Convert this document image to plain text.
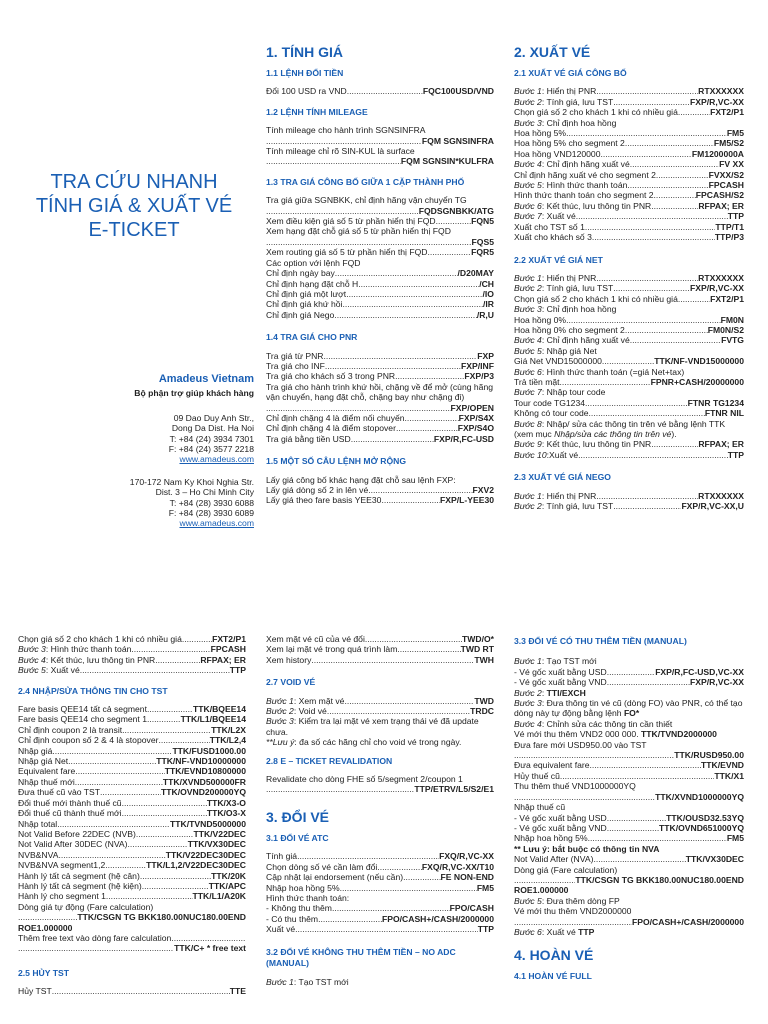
TRA CỨU NHANH
TÍNH GIÁ & XUẤT VÉ
E-TICKET
Amadeus Vietnam
Bộ phận trợ giúp khách hàng
09 Dao Duy Anh Str.,
Dong Da Dist. Ha Noi
T: +84 (24) 3934 7301
F: +84 (24) 3577 2218
www.amadeus.com
170-172 Nam Ky Khoi Nghia Str.
Dist. 3 – Ho Chi Minh City
T: +84 (28) 3930 6088
F: +84 (28) 3930 6089
www.amadeus.com
1. TÍNH GIÁ
1.1 LỆNH ĐỔI TIỀN
Đổi 100 USD ra VND .....	FQC100USD/VND
1.2 LỆNH TÍNH MILEAGE
Tính mileage cho hành trình SGNSINFRA
.....
FQM SGNSINFRA
Tính mileage chỉ rõ SIN-KUL là surface
.....
FQM SGNSIN*KULFRA
1.3 TRA GIÁ CÔNG BỐ GIỮA 1 CẶP THÀNH PHỐ
Tra giá giữa SGNBKK, chỉ định hãng vận chuyển TG
.....
FQDSGNBKK/ATG
Xem điều kiện giá số 5 từ phần hiển thị FQD .....	FQN5
Xem hạng đặt chỗ giá số 5 từ phần hiển thị FQD
.....
FQS5
Xem routing giá số 5 từ phần hiển thị FQD .....	FQR5
Các option với lệnh FQD
Chỉ định ngày bay .....	/D20MAY
Chỉ định hạng đặt chỗ H .....	/CH
Chỉ định giá một lượt .....	/IO
Chỉ định giá khứ hồi .....	/IR
Chỉ định giá Nego .....	/R,U
1.4 TRA GIÁ CHO PNR
Tra giá từ PNR .....	FXP
Tra giá cho INF .....	FXP/INF
Tra giá cho khách số 3 trong PNR .....	FXP/P3
Tra giá cho hành trình khứ hồi, chặng về để mở (cùng hãng vận chuyển, hạng đặt chỗ, chặng bay như chặng đi)
.....
FXP/OPEN
Chỉ định chặng 4 là điểm nối chuyến .....	FXP/S4X
Chỉ định chặng 4 là điểm stopover .....	FXP/S4O
Tra giá bằng tiền USD .....	FXP/R,FC-USD
1.5 MỘT SỐ CÂU LỆNH MỞ RỘNG
Lấy giá công bố khác hạng đặt chỗ sau lệnh FXP:
Lấy giá dòng số 2 in lên vé .....	FXV2
Lấy giá theo fare basis YEE30 .....	FXP/L-YEE30
2. XUẤT VÉ
2.1 XUẤT VÉ GIÁ CÔNG BỐ
Bước 1: Hiển thị PNR .....	RTXXXXXX
Bước 2: Tính giá, lưu TST .....	FXP/R,VC-XX
Chọn giá số 2 cho khách 1 khi có nhiều giá .....	FXT2/P1
Bước 3: Chỉ định hoa hồng
Hoa hồng 5% .....	FM5
Hoa hồng 5% cho segment 2 .....	FM5/S2
Hoa hồng VND120000 .....	FM1200000A
Bước 4: Chỉ định hãng xuất vé .....	FV XX
Chỉ định hãng xuất vé cho segment 2 .....	FVXX/S2
Bước 5: Hình thức thanh toán .....	FPCASH
Hình thức thanh toán cho segment 2 .....	FPCASH/S2
Bước 6: Kết thúc, lưu thông tin PNR .....	RFPAX; ER
Bước 7: Xuất vé .....	TTP
Xuất cho TST số 1 .....	TTP/T1
Xuất cho khách số 3 .....	TTP/P3
2.2 XUẤT VÉ GIÁ NET
Bước 1: Hiển thị PNR .....	RTXXXXXX
Bước 2: Tính giá, lưu TST .....	FXP/R,VC-XX
Chọn giá số 2 cho khách 1 khi có nhiều giá .....	FXT2/P1
Bước 3: Chỉ định hoa hồng
Hoa hồng 0% .....	FM0N
Hoa hồng 0% cho segment 2 .....	FM0N/S2
Bước 4: Chỉ định hãng xuất vé .....	FVTG
Bước 5: Nhập giá Net
Giá Net VND15000000 .....	TTK/NF-VND15000000
Bước 6: Hình thức thanh toán (=giá Net+tax)
Trả tiền mặt .....	FPNR+CASH/20000000
Bước 7: Nhập tour code
Tour code TG1234 .....	FTNR TG1234
Không có tour code .....	FTNR NIL
Bước 8: Nhập/ sửa các thông tin trên vé bằng lệnh TTK (xem mục Nhập/sửa các thông tin trên vé).
Bước 9: Kết thúc, lưu thông tin PNR .....	RFPAX; ER
Bước 10:Xuất vé .....	TTP
2.3 XUẤT VÉ GIÁ NEGO
Bước 1: Hiển thị PNR .....	RTXXXXXX
Bước 2: Tính giá, lưu TST .....	FXP/R,VC-XX,U
Chọn giá số 2 cho khách 1 khi có nhiều giá .....	FXT2/P1
Bước 3: Hình thức thanh toán .....	FPCASH
Bước 4: Kết thúc, lưu thông tin PNR .....	RFPAX; ER
Bước 5: Xuất vé .....	TTP
2.4 NHẬP/SỬA THÔNG TIN CHO TST
Fare basis QEE14 tất cả segment .....	TTK/BQEE14
Fare basis QEE14 cho segment 1 .....	TTK/L1/BQEE14
Chỉ định coupon 2 là transit .....	TTK/L2X
Chỉ định coupon số 2 & 4 là stopover .....	TTK/L2,4
Nhập giá .....	TTK/FUSD1000.00
Nhập giá Net .....	TTK/NF-VND10000000
Equivalent fare .....	TTK/EVND10800000
Nhập thuế mới .....	TTK/XVND500000FR
Đưa thuế cũ vào TST .....	TTK/OVND200000YQ
Đổi thuế mới thành thuế cũ .....	TTK/X3-O
Đổi thuế cũ thành thuế mới .....	TTK/O3-X
Nhập total .....	TTK/TVND5000000
Not Valid Before 22DEC (NVB) .....	TTK/V22DEC
Not Valid After 30DEC (NVA) .....	TTK/VX30DEC
NVB&NVA .....	TTK/V22DEC30DEC
NVB&NVA segment1,2 .....	TTK/L1,2/V22DEC30DEC
Hành lý tất cả segment (hệ cân) .....	TTK/20K
Hành lý tất cả segment (hệ kiện) .....	TTK/APC
Hành lý cho segment 1 .....	TTK/L1/A20K
Dòng giá tự động (Fare calculation)
.....
TTK/CSGN TG BKK180.00NUC180.00END
ROE1.000000
Thêm free text vào dòng fare calculation
.....
.....
TTK/C+ * free text
2.5 HỦY TST
Hủy TST .....	TTE
Xem mặt vé cũ của vé đổi .....	TWD/O*
Xem lại mặt vé trong quá trình làm .....	TWD RT
Xem history .....	TWH
2.7 VOID VÉ
Bước 1: Xem mặt vé .....	TWD
Bước 2: Void vé .....	TRDC
Bước 3: Kiểm tra lại mặt vé xem trạng thái vé đã update chưa.
**Lưu ý: đa số các hãng chỉ cho void vé trong ngày.
2.8 E – TICKET REVALIDATION
Revalidate cho dòng FHE số 5/segment 2/coupon 1
.....
TTP/ETRV/L5/S2/E1
3. ĐỔI VÉ
3.1 ĐỔI VÉ ATC
Tính giá .....	FXQ/R,VC-XX
Chọn dòng số vé cần làm đổi .....	FXQ/R,VC-XX/T10
Cập nhật lại endorsement (nếu cần) .....	FE NON-END
Nhập hoa hồng 5% .....	FM5
Hình thức thanh toán:
- Không thu thêm .....	FPO/CASH
- Có thu thêm .....	FPO/CASH+/CASH/2000000
Xuất vé .....	TTP
3.2 ĐỔI VÉ KHÔNG THU THÊM TIỀN – NO ADC (MANUAL)
Bước 1: Tạo TST mới
3.3 ĐỔI VÉ CÓ THU THÊM TIỀN (MANUAL)
Bước 1: Tạo TST mới
- Vé gốc xuất bằng USD .....	FXP/R,FC-USD,VC-XX
- Vé gốc xuất bằng VND .....	FXP/R,VC-XX
Bước 2: TTI/EXCH
Bước 3: Đưa thông tin vé cũ (dòng FO) vào PNR, có thể tạo dòng này tự động bằng lệnh FO*
Bước 4: Chỉnh sửa các thông tin cần thiết
Vé mới thu thêm VND2 000 000. TTK/TVND2000000
Đưa fare mới USD950.00 vào TST
.....
TTK/RUSD950.00
Đưa equivalent fare .....	TTK/EVND
Hủy thuế cũ .....	TTK/X1
Thu thêm thuế VND1000000YQ
.....
TTK/XVND1000000YQ
Nhập thuế cũ
- Vé gốc xuất bằng USD .....	TTK/OUSD32.53YQ
- Vé gốc xuất bằng VND .....	TTK/OVND651000YQ
Nhập hoa hồng 5% .....	FM5
** Lưu ý: bắt buộc có thông tin NVA
Not Valid After (NVA) .....	TTK/VX30DEC
Dòng giá (Fare calculation)
.....
TTK/CSGN TG BKK180.00NUC180.00END
ROE1.000000
Bước 5: Đưa thêm dòng FP
Vé mới thu thêm VND2000000
.....
FPO/CASH+/CASH/2000000
Bước 6: Xuất vé TTP
4. HOÀN VÉ
4.1 HOÀN VÉ FULL
